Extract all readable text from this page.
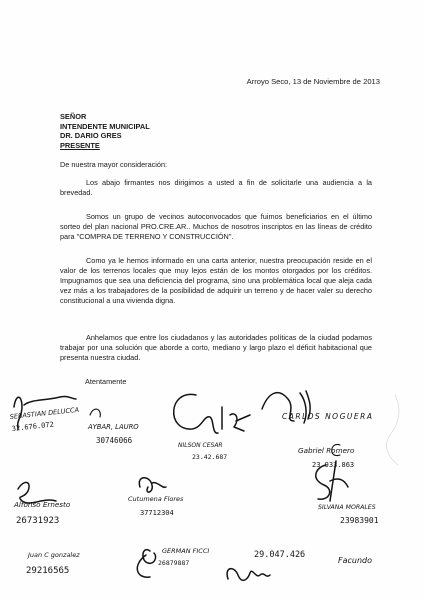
Arroyo Seco, 13 de Noviembre de 2013
SEÑOR
INTENDENTE MUNICIPAL
DR. DARIO GRES
PRESENTE
De nuestra mayor consideración:
Los abajo firmantes nos dirigimos a usted a fin de solicitarle una audiencia a la brevedad.
Somos un grupo de vecinos autoconvocados que fuimos beneficiarios en el último sorteo del plan nacional PRO.CRE.AR.. Muchos de nosotros inscriptos en las líneas de crédito para "COMPRA DE TERRENO Y CONSTRUCCIÓN".
Como ya le hemos informado en una carta anterior, nuestra preocupación reside en el valor de los terrenos locales que muy lejos están de los montos otorgados por los créditos. Impugnamos que sea una deficiencia del programa, sino una problemática local que aleja cada vez más a los trabajadores de la posibilidad de adquirir un terreno y de hacer valer su derecho constitucional a una vivienda digna.
Anhelamos que entre los ciudadanos y las autoridades políticas de la ciudad podamos trabajar por una solución que aborde a corto, mediano y largo plazo el déficit habitacional que presenta nuestra ciudad.
Atentamente
SEBASTIAN DELUCCA
32.676.072	AYBAR, LAURO
30746066
NILSON CESAR
23.42.687
CARLOS NOGUERA
Gabriel Romero
23.933.863
Alfonso Ernesto
26731923
Cutumena Flores
37712304
SILVANA MORALES
23983901
Juan C gonzalez
29216565
GERMAN FICCI
26879887
29.047.426
Facundo
